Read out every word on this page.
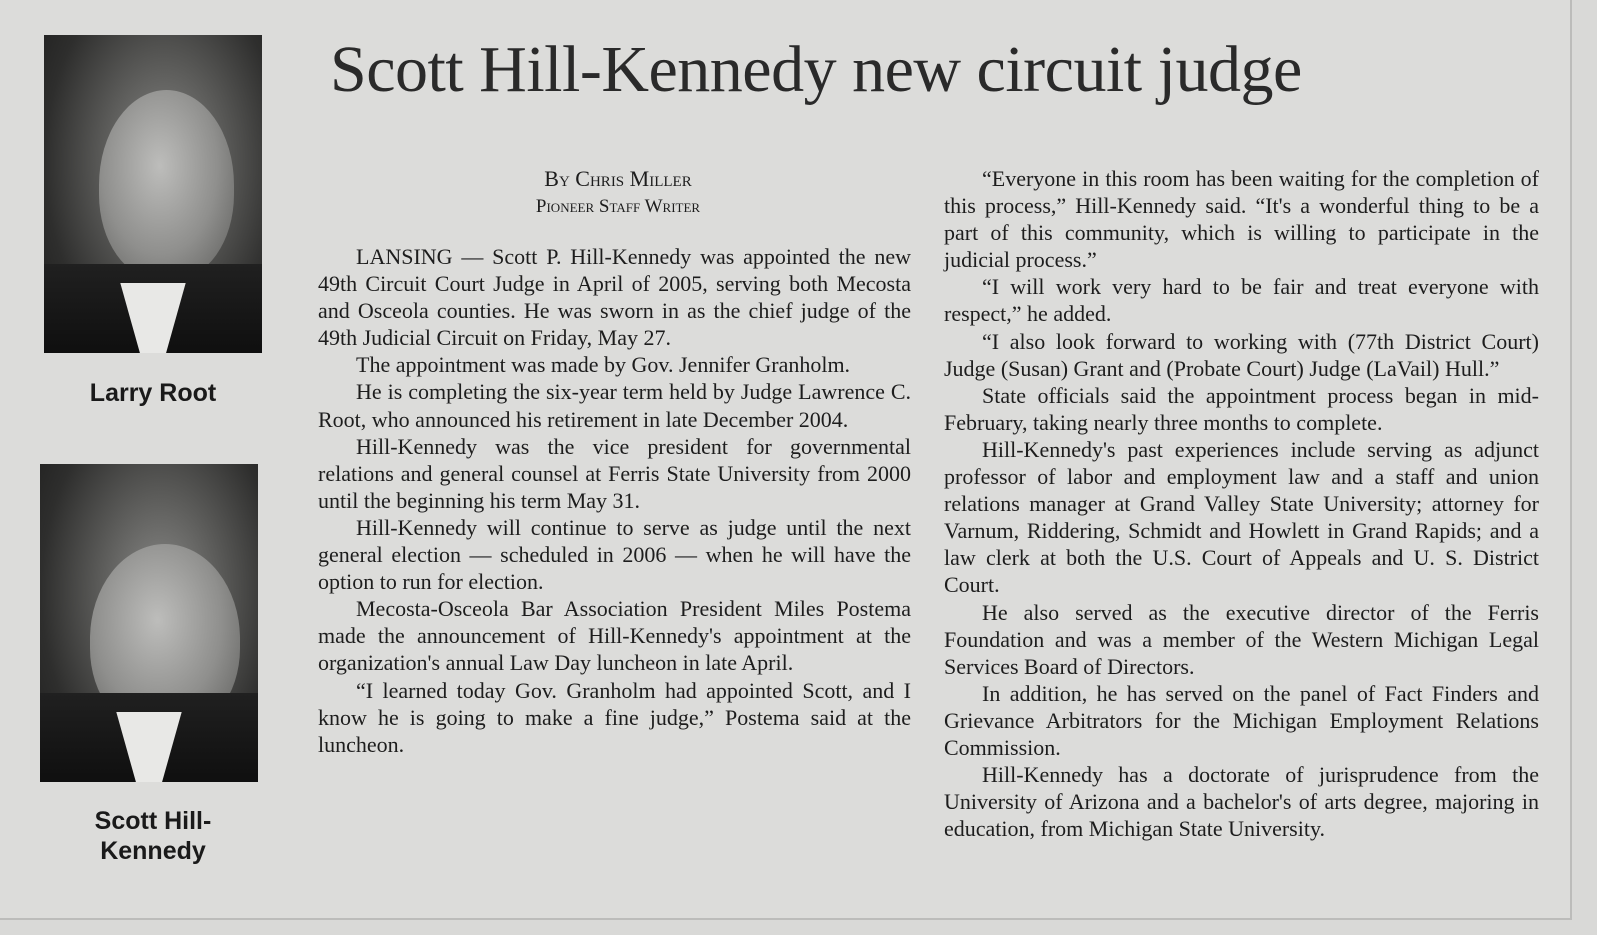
Larry Root
Scott Hill-Kennedy
Scott Hill-Kennedy new circuit judge
By Chris Miller
Pioneer Staff Writer

LANSING — Scott P. Hill-Kennedy was appointed the new 49th Circuit Court Judge in April of 2005, serving both Mecosta and Osceola counties. He was sworn in as the chief judge of the 49th Judicial Circuit on Friday, May 27.

The appointment was made by Gov. Jennifer Granholm.

He is completing the six-year term held by Judge Lawrence C. Root, who announced his retirement in late December 2004.

Hill-Kennedy was the vice president for governmental relations and general counsel at Ferris State University from 2000 until the beginning his term May 31.

Hill-Kennedy will continue to serve as judge until the next general election — scheduled in 2006 — when he will have the option to run for election.

Mecosta-Osceola Bar Association President Miles Postema made the announcement of Hill-Kennedy's appointment at the organization's annual Law Day luncheon in late April.

“I learned today Gov. Granholm had appointed Scott, and I know he is going to make a fine judge,” Postema said at the luncheon.

“Everyone in this room has been waiting for the completion of this process,” Hill-Kennedy said. “It's a wonderful thing to be a part of this community, which is willing to participate in the judicial process.”

“I will work very hard to be fair and treat everyone with respect,” he added.

“I also look forward to working with (77th District Court) Judge (Susan) Grant and (Probate Court) Judge (LaVail) Hull.”

State officials said the appointment process began in mid-February, taking nearly three months to complete.

Hill-Kennedy's past experiences include serving as adjunct professor of labor and employment law and a staff and union relations manager at Grand Valley State University; attorney for Varnum, Riddering, Schmidt and Howlett in Grand Rapids; and a law clerk at both the U.S. Court of Appeals and U. S. District Court.

He also served as the executive director of the Ferris Foundation and was a member of the Western Michigan Legal Services Board of Directors.

In addition, he has served on the panel of Fact Finders and Grievance Arbitrators for the Michigan Employment Relations Commission.

Hill-Kennedy has a doctorate of jurisprudence from the University of Arizona and a bachelor's of arts degree, majoring in education, from Michigan State University.
